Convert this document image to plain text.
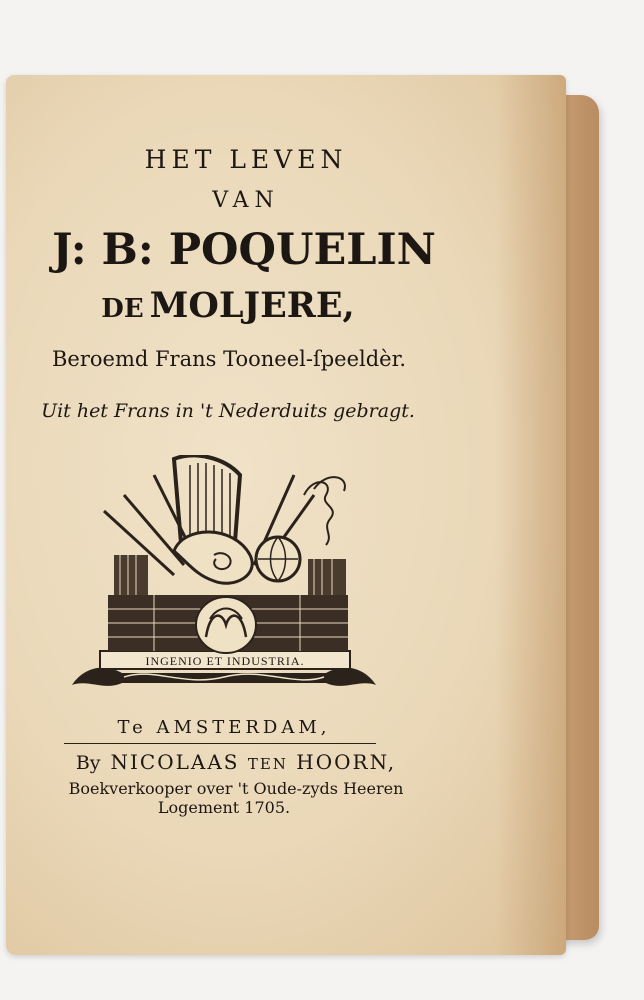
HET LEVEN
VAN
J: B: POQUELIN
DE MOLJERE,
Beroemd Frans Tooneel-ſpeeldèr.
Uit het Frans in 't Nederduits gebragt.
INGENIO ET INDUSTRIA.
Te AMSTERDAM,
By NICOLAAS TEN HOORN,
Boekverkooper over 't Oude-zyds Heeren
Logement 1705.
